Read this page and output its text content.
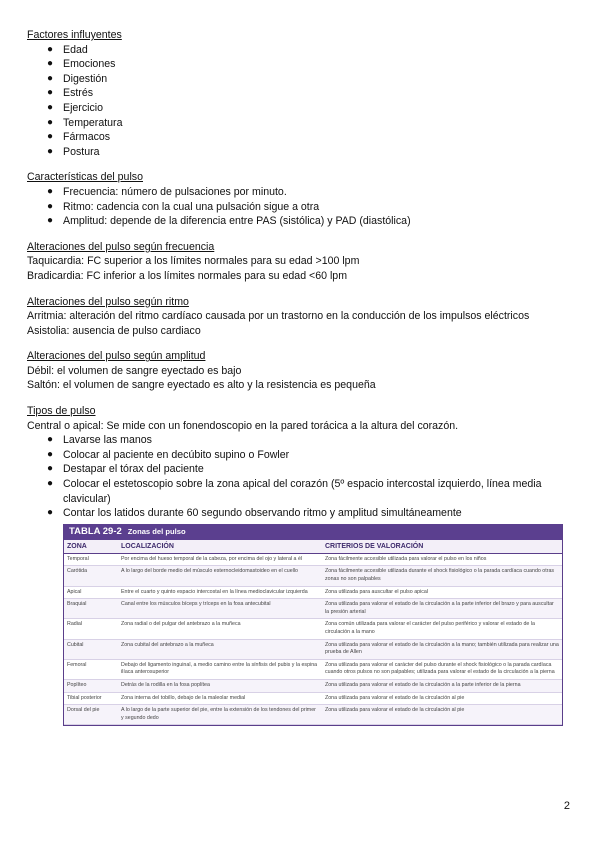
Factores influyentes
● Edad
● Emociones
● Digestión
● Estrés
● Ejercicio
● Temperatura
● Fármacos
● Postura
Características del pulso
● Frecuencia: número de pulsaciones por minuto.
● Ritmo: cadencia con la cual una pulsación sigue a otra
● Amplitud: depende de la diferencia entre PAS (sistólica) y PAD (diastólica)
Alteraciones del pulso según frecuencia
Taquicardia: FC superior a los límites normales para su edad >100 lpm
Bradicardia: FC inferior a los límites normales para su edad <60 lpm
Alteraciones del pulso según ritmo
Arritmia: alteración del ritmo cardíaco causada por un trastorno en la conducción de los impulsos eléctricos
Asistolia: ausencia de pulso cardiaco
Alteraciones del pulso según amplitud
Débil: el volumen de sangre eyectado es bajo
Saltón: el volumen de sangre eyectado es alto y la resistencia es pequeña
Tipos de pulso
Central o apical: Se mide con un fonendoscopio en la pared torácica a la altura del corazón.
● Lavarse las manos
● Colocar al paciente en decúbito supino o Fowler
● Destapar el tórax del paciente
● Colocar el estetoscopio sobre la zona apical del corazón (5º espacio intercostal izquierdo, línea media clavicular)
● Contar los latidos durante 60 segundo observando ritmo y amplitud simultáneamente
TABLA 29-2 Zonas del pulso
ZONA	LOCALIZACIÓN	CRITERIOS DE VALORACIÓN
Temporal	Por encima del hueso temporal de la cabeza, por encima del ojo y lateral a él	Zona fácilmente accesible utilizada para valorar el pulso en los niños
Carótida	A lo largo del borde medio del músculo esternocleidomastoideo en el cuello	Zona fácilmente accesible utilizada durante el shock fisiológico o la parada cardíaca cuando otras zonas no son palpables
Apical	Entre el cuarto y quinto espacio intercostal en la línea medioclavicular izquierda	Zona utilizada para auscultar el pulso apical
Braquial	Canal entre los músculos bíceps y tríceps en la fosa antecubital	Zona utilizada para valorar el estado de la circulación a la parte inferior del brazo y para auscultar la presión arterial
Radial	Zona radial o del pulgar del antebrazo a la muñeca	Zona común utilizada para valorar el carácter del pulso periférico y valorar el estado de la circulación a la mano
Cubital	Zona cubital del antebrazo a la muñeca	Zona utilizada para valorar el estado de la circulación a la mano; también utilizada para realizar una prueba de Allen
Femoral	Debajo del ligamento inguinal, a medio camino entre la sínfisis del pubis y la espina ilíaca anterosuperior	Zona utilizada para valorar el carácter del pulso durante el shock fisiológico o la parada cardíaca cuando otros pulsos no son palpables; utilizada para valorar el estado de la circulación a la pierna
Poplíteo	Detrás de la rodilla en la fosa poplítea	Zona utilizada para valorar el estado de la circulación a la parte inferior de la pierna
Tibial posterior	Zona interna del tobillo, debajo de la maleolar medial	Zona utilizada para valorar el estado de la circulación al pie
Dorsal del pie	A lo largo de la parte superior del pie, entre la extensión de los tendones del primer y segundo dedo	Zona utilizada para valorar el estado de la circulación al pie
2
